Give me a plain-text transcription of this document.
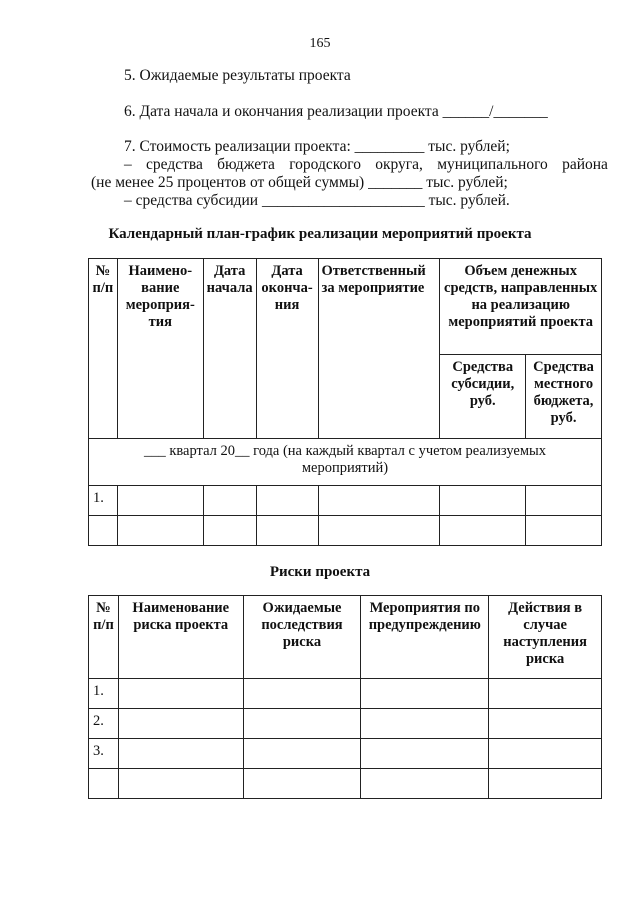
165
5. Ожидаемые результаты проекта
6. Дата начала и окончания реализации проекта ______/_______
7. Стоимость реализации проекта: _________ тыс. рублей;
– средства бюджета городского округа, муниципального района
(не менее 25 процентов от общей суммы) _______ тыс. рублей;
– средства субсидии _____________________ тыс. рублей.
Календарный план-график реализации мероприятий проекта
№ п/п	Наимено-вание мероприя-тия	Дата начала	Дата оконча-ния	Ответственный за мероприятие	Объем денежных средств, направленных на реализацию мероприятий проекта	

					Средства субсидии, руб.	Средства местного бюджета, руб.

___ квартал 20__ года (на каждый квартал с учетом реализуемых мероприятий)						

1.						

Риски проекта
№ п/п	Наименование риска проекта	Ожидаемые последствия риска	Мероприятия по предупреждению	Действия в случае наступления риска

1.				

2.				

3.				
